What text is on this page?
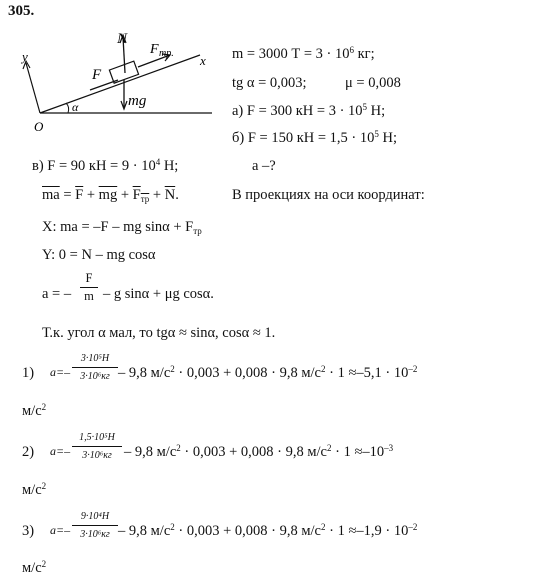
305.
N
F
F тр.
mg
α
O
x
y	m = 3000 $Т = 3 \cdot 10^6$ кг;
tg α = 0,003;	μ = 0,008
а) F = 300 кН = $3 \cdot 10^5$ Н;
б) F = 150 кН = $1,5 \cdot 10^5$ Н;
в) F = 90 кН = $9 \cdot 10^4$ Н;	a –?
$\overline{ma} = \overline{F} + \overline{mg} + \overline{F}_{тр} + \overline{N}$.	В проекциях на оси координат:
X: ma = –F – mg $\sin\alpha + F_{тр}$
Y: 0 = N – mg cosα
a = –
F
m – g sinα + μg cosα.
Т.к. угол α мал, то tgα ≈ sinα, cosα ≈ 1.
1) a=–
3·10⁵Н
3·10⁶кг – 9,8 $м/с^2 \cdot 0,003 + 0,008 \cdot 9,8$ $м/с^2 \cdot 1 \approx-5,1 \cdot 10^{-2}$
$м/с^2$
2) a=–
1,5·10⁵Н
3·10⁶кг – 9,8 $м/с^2 \cdot 0,003 + 0,008 \cdot 9,8$ $м/с^2 \cdot 1 \approx-10^{-3}$
$м/с^2$
3) a=–
9·10⁴Н
3·10⁶кг – 9,8 $м/с^2 \cdot 0,003 + 0,008 \cdot 9,8$ $м/с^2 \cdot 1 \approx-1,9 \cdot 10^{-2}$
$м/с^2$
